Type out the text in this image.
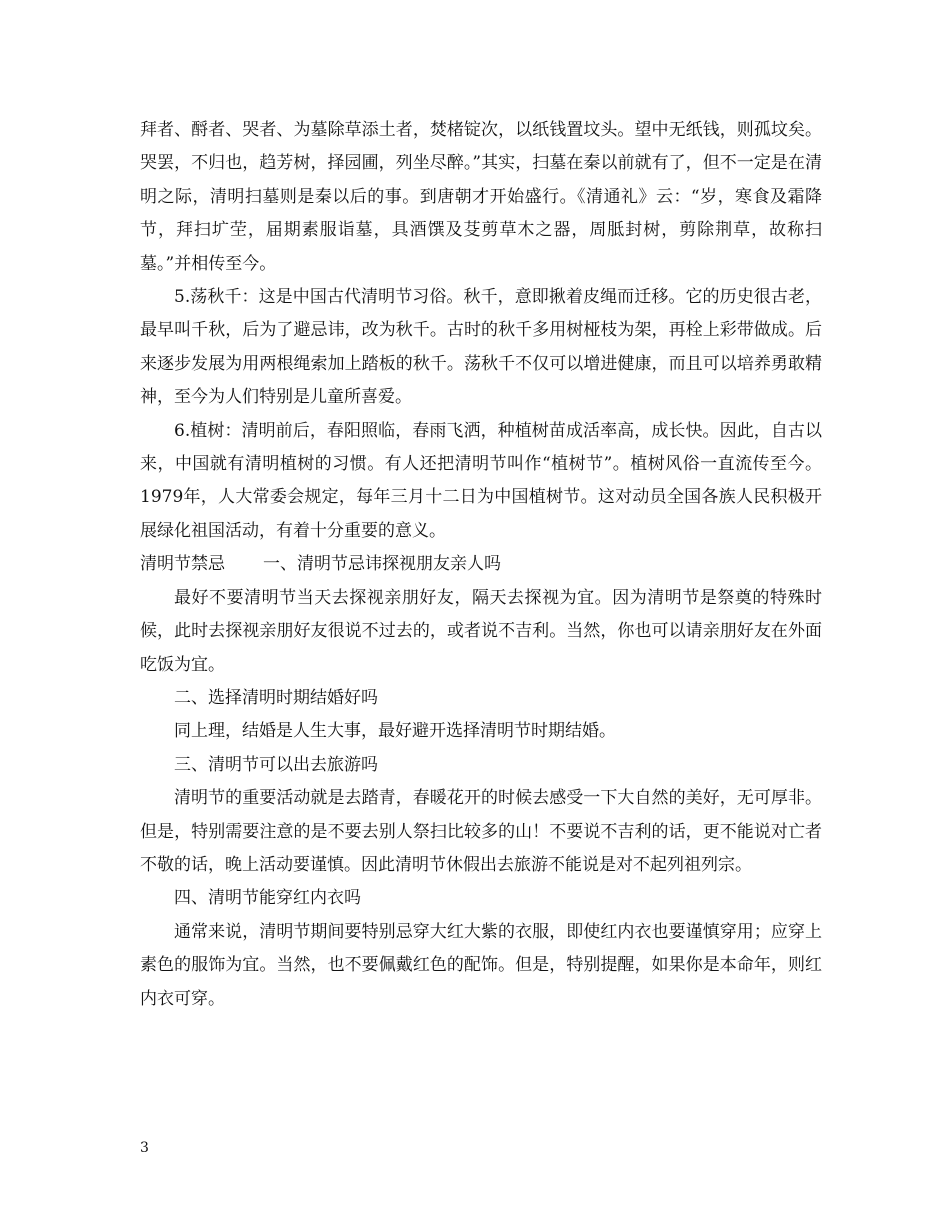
拜者、酹者、哭者、为墓除草添土者，焚楮锭次，以纸钱置坟头。望中无纸钱，则孤坟矣。哭罢，不归也，趋芳树，择园圃，列坐尽醉。”其实，扫墓在秦以前就有了，但不一定是在清明之际，清明扫墓则是秦以后的事。到唐朝才开始盛行。《清通礼》云：“岁，寒食及霜降节，拜扫圹茔，届期素服诣墓，具酒馔及芟剪草木之器，周胝封树，剪除荆草，故称扫墓。”并相传至今。

5.荡秋千：这是中国古代清明节习俗。秋千，意即揪着皮绳而迁移。它的历史很古老，最早叫千秋，后为了避忌讳，改为秋千。古时的秋千多用树桠枝为架，再栓上彩带做成。后来逐步发展为用两根绳索加上踏板的秋千。荡秋千不仅可以增进健康，而且可以培养勇敢精神，至今为人们特别是儿童所喜爱。

6.植树：清明前后，春阳照临，春雨飞洒，种植树苗成活率高，成长快。因此，自古以来，中国就有清明植树的习惯。有人还把清明节叫作“植树节”。植树风俗一直流传至今。1979年，人大常委会规定，每年三月十二日为中国植树节。这对动员全国各族人民积极开展绿化祖国活动，有着十分重要的意义。

清明节禁忌 一、清明节忌讳探视朋友亲人吗

最好不要清明节当天去探视亲朋好友，隔天去探视为宜。因为清明节是祭奠的特殊时候，此时去探视亲朋好友很说不过去的，或者说不吉利。当然，你也可以请亲朋好友在外面吃饭为宜。

二、选择清明时期结婚好吗

同上理，结婚是人生大事，最好避开选择清明节时期结婚。

三、清明节可以出去旅游吗

清明节的重要活动就是去踏青，春暖花开的时候去感受一下大自然的美好，无可厚非。但是，特别需要注意的是不要去别人祭扫比较多的山！不要说不吉利的话，更不能说对亡者不敬的话，晚上活动要谨慎。因此清明节休假出去旅游不能说是对不起列祖列宗。

四、清明节能穿红内衣吗

通常来说，清明节期间要特别忌穿大红大紫的衣服，即使红内衣也要谨慎穿用；应穿上素色的服饰为宜。当然，也不要佩戴红色的配饰。但是，特别提醒，如果你是本命年，则红内衣可穿。

3
